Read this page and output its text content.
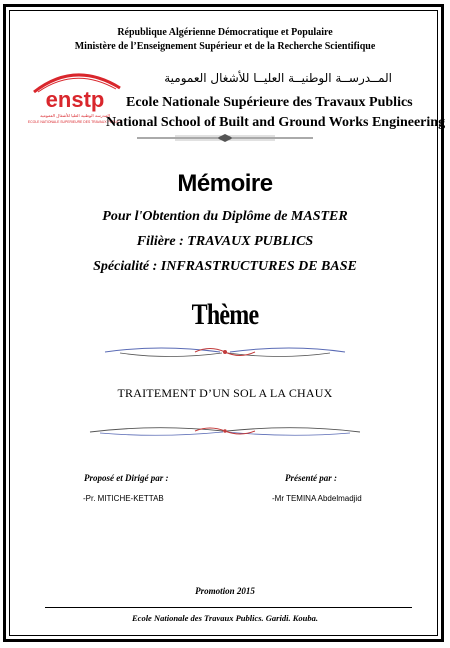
République Algérienne Démocratique et Populaire
Ministère de l’Enseignement Supérieur et de la Recherche Scientifique
enstp
المدرسة الوطنية العليا للأشغال العمومية
ECOLE NATIONALE SUPERIEURE DES TRAVAUX PUBLICS
المــدرســة الوطنيــة العليــا للأشغال العمومية
Ecole Nationale Supérieure des Travaux Publics
National School of Built and Ground Works Engineering
Mémoire
Pour l'Obtention du Diplôme de MASTER
Filière : TRAVAUX PUBLICS
Spécialité : INFRASTRUCTURES DE BASE
Thème
TRAITEMENT D’UN SOL A LA CHAUX
Proposé et Dirigé par :	Présenté par :
-Pr. MITICHE-KETTAB	-Mr TEMINA Abdelmadjid
Promotion 2015
Ecole Nationale des Travaux Publics. Garidi. Kouba.
